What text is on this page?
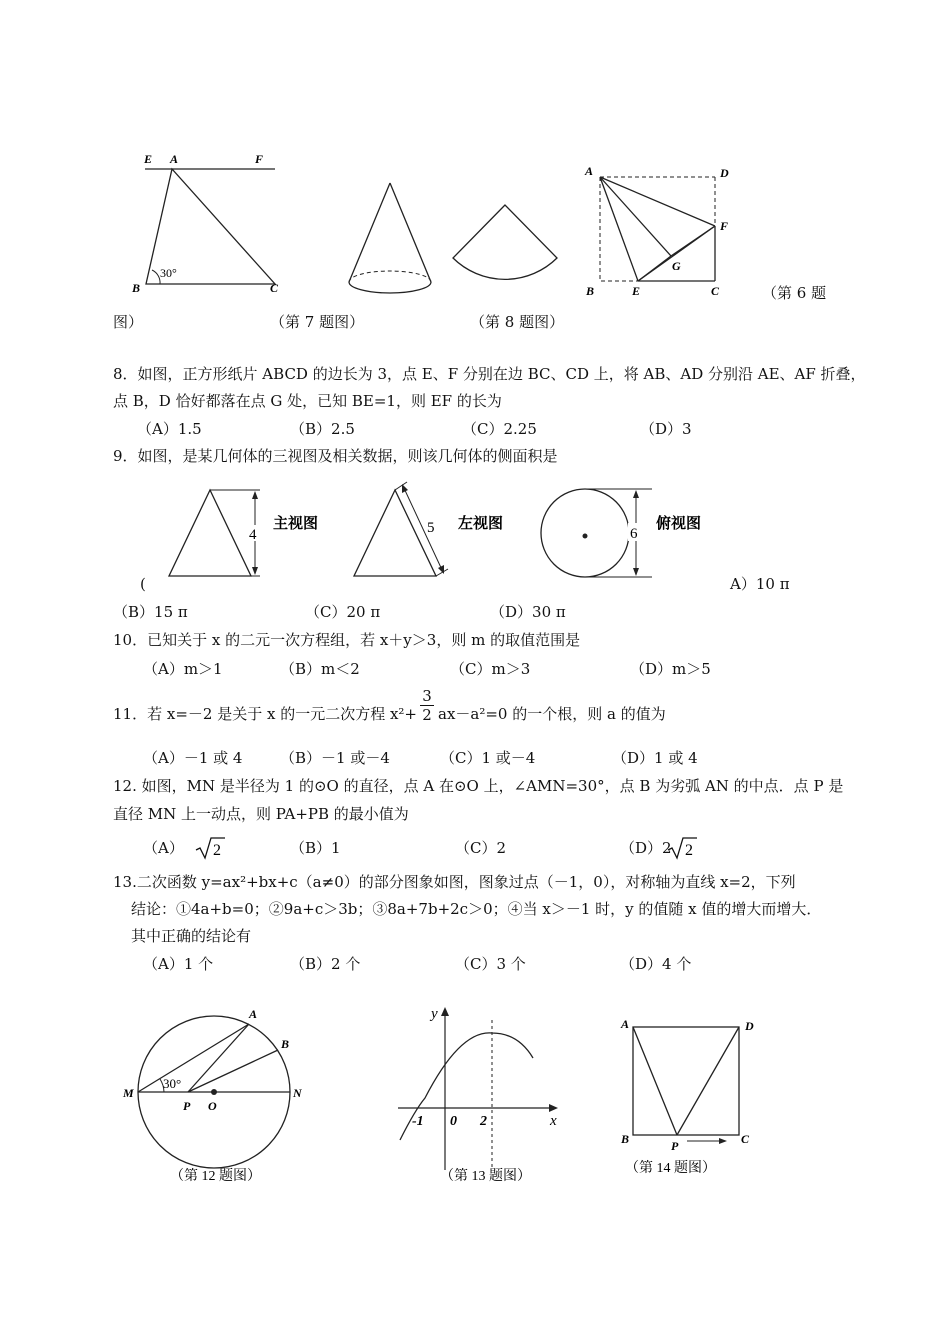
E A	F
B	C
30°
A	D
F
G
B	E	C	（第 6 题
图）	（第 7 题图）	（第 8 题图）
8．如图，正方形纸片 ABCD 的边长为 3，点 E、F 分别在边 BC、CD 上，将 AB、AD 分别沿 AE、AF 折叠，
点 B，D 恰好都落在点 G 处，已知 BE=1，则 EF 的长为
（A）1.5	（B）2.5	（C）2.25	（D）3
9．如图，是某几何体的三视图及相关数据，则该几何体的侧面积是
4
主视图	5 左视图
6
俯视图
(	A）10 π
（B）15 π	（C）20 π	（D）30 π
10．已知关于 x 的二元一次方程组，若 x＋y＞3，则 m 的取值范围是
（A）m＞1	（B）m＜2	（C）m＞3	（D）m＞5
11．若 x=－2 是关于 x 的一元二次方程 $x^2+ \frac{3}{2} ax-a^2=0$ 的一个根，则 a 的值为
（A）－1 或 4	（B）－1 或－4	（C）1 或－4	（D）1 或 4
12. 如图，MN 是半径为 1 的⊙O 的直径，点 A 在⊙O 上，∠AMN=30°，点 B 为劣弧 AN 的中点．点 P 是
直径 MN 上一动点，则 PA+PB 的最小值为
（A） 2	（B）1	（C）2	（D）2 2
13.二次函数 y=ax²+bx+c（a≠0）的部分图象如图，图象过点（－1，0），对称轴为直线 x=2，下列
结论：①4a+b=0；②9a+c＞3b；③8a+7b+2c＞0；④当 x＞－1 时，y 的值随 x 值的增大而增大．
其中正确的结论有
（A）1 个	（B）2 个	（C）3 个	（D）4 个
30°
A
B
M	N
P O
（第 12 题图）
y
x
-1 0 2
（第 13 题图）
A	D
B	P	C
（第 14 题图）
